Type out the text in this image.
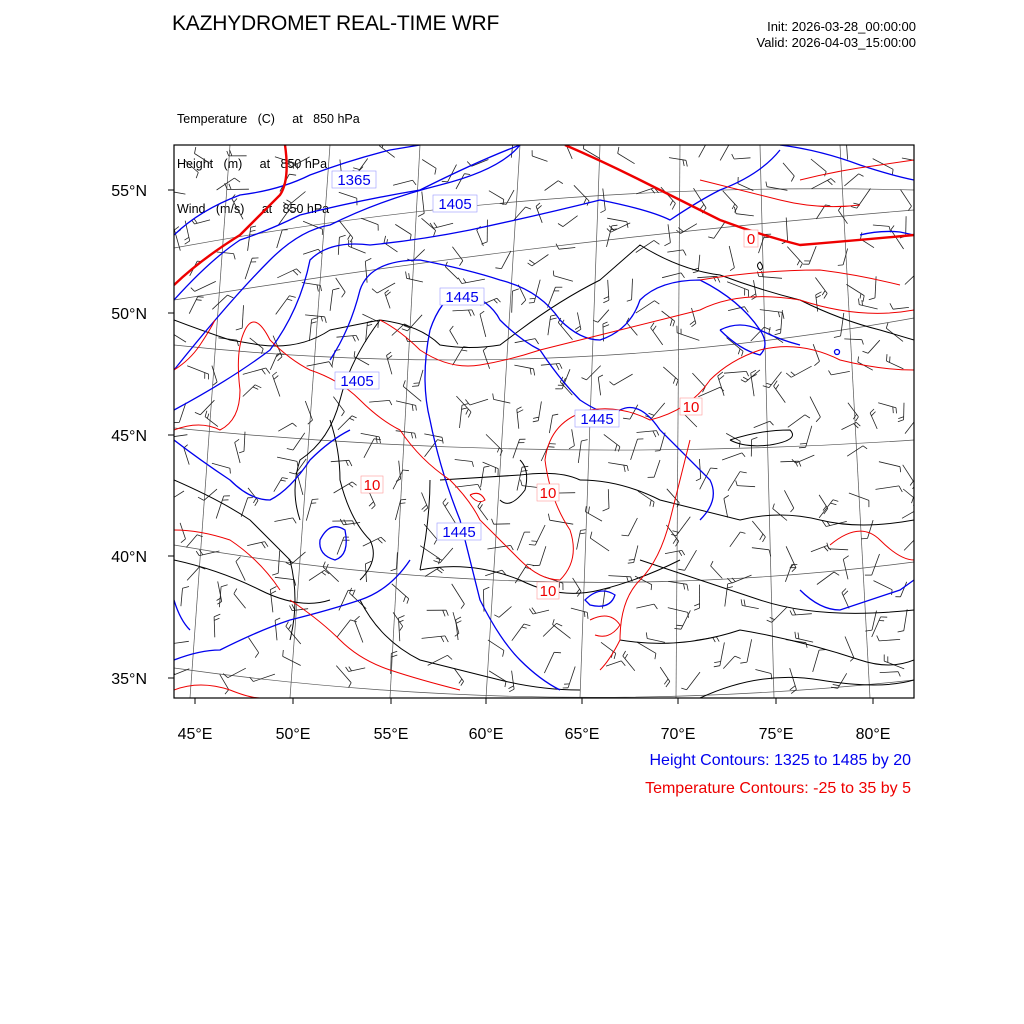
KAZHYDROMET REAL-TIME WRF	Init: 2026-03-28_00:00:00
Valid: 2026-04-03_15:00:00

Temperature   (C)     at   850 hPa

Height   (m)     at   850 hPa

Wind   (m/s)     at   850 hPa

1365
1405
1445
1405
1445
1445
0
10
10	10
10
55°N
50°N
45°N
40°N
35°N
45°E	50°E	55°E	60°E	65°E	70°E	75°E	80°E
Height Contours: 1325 to 1485 by 20
Temperature Contours: -25 to 35 by 5
